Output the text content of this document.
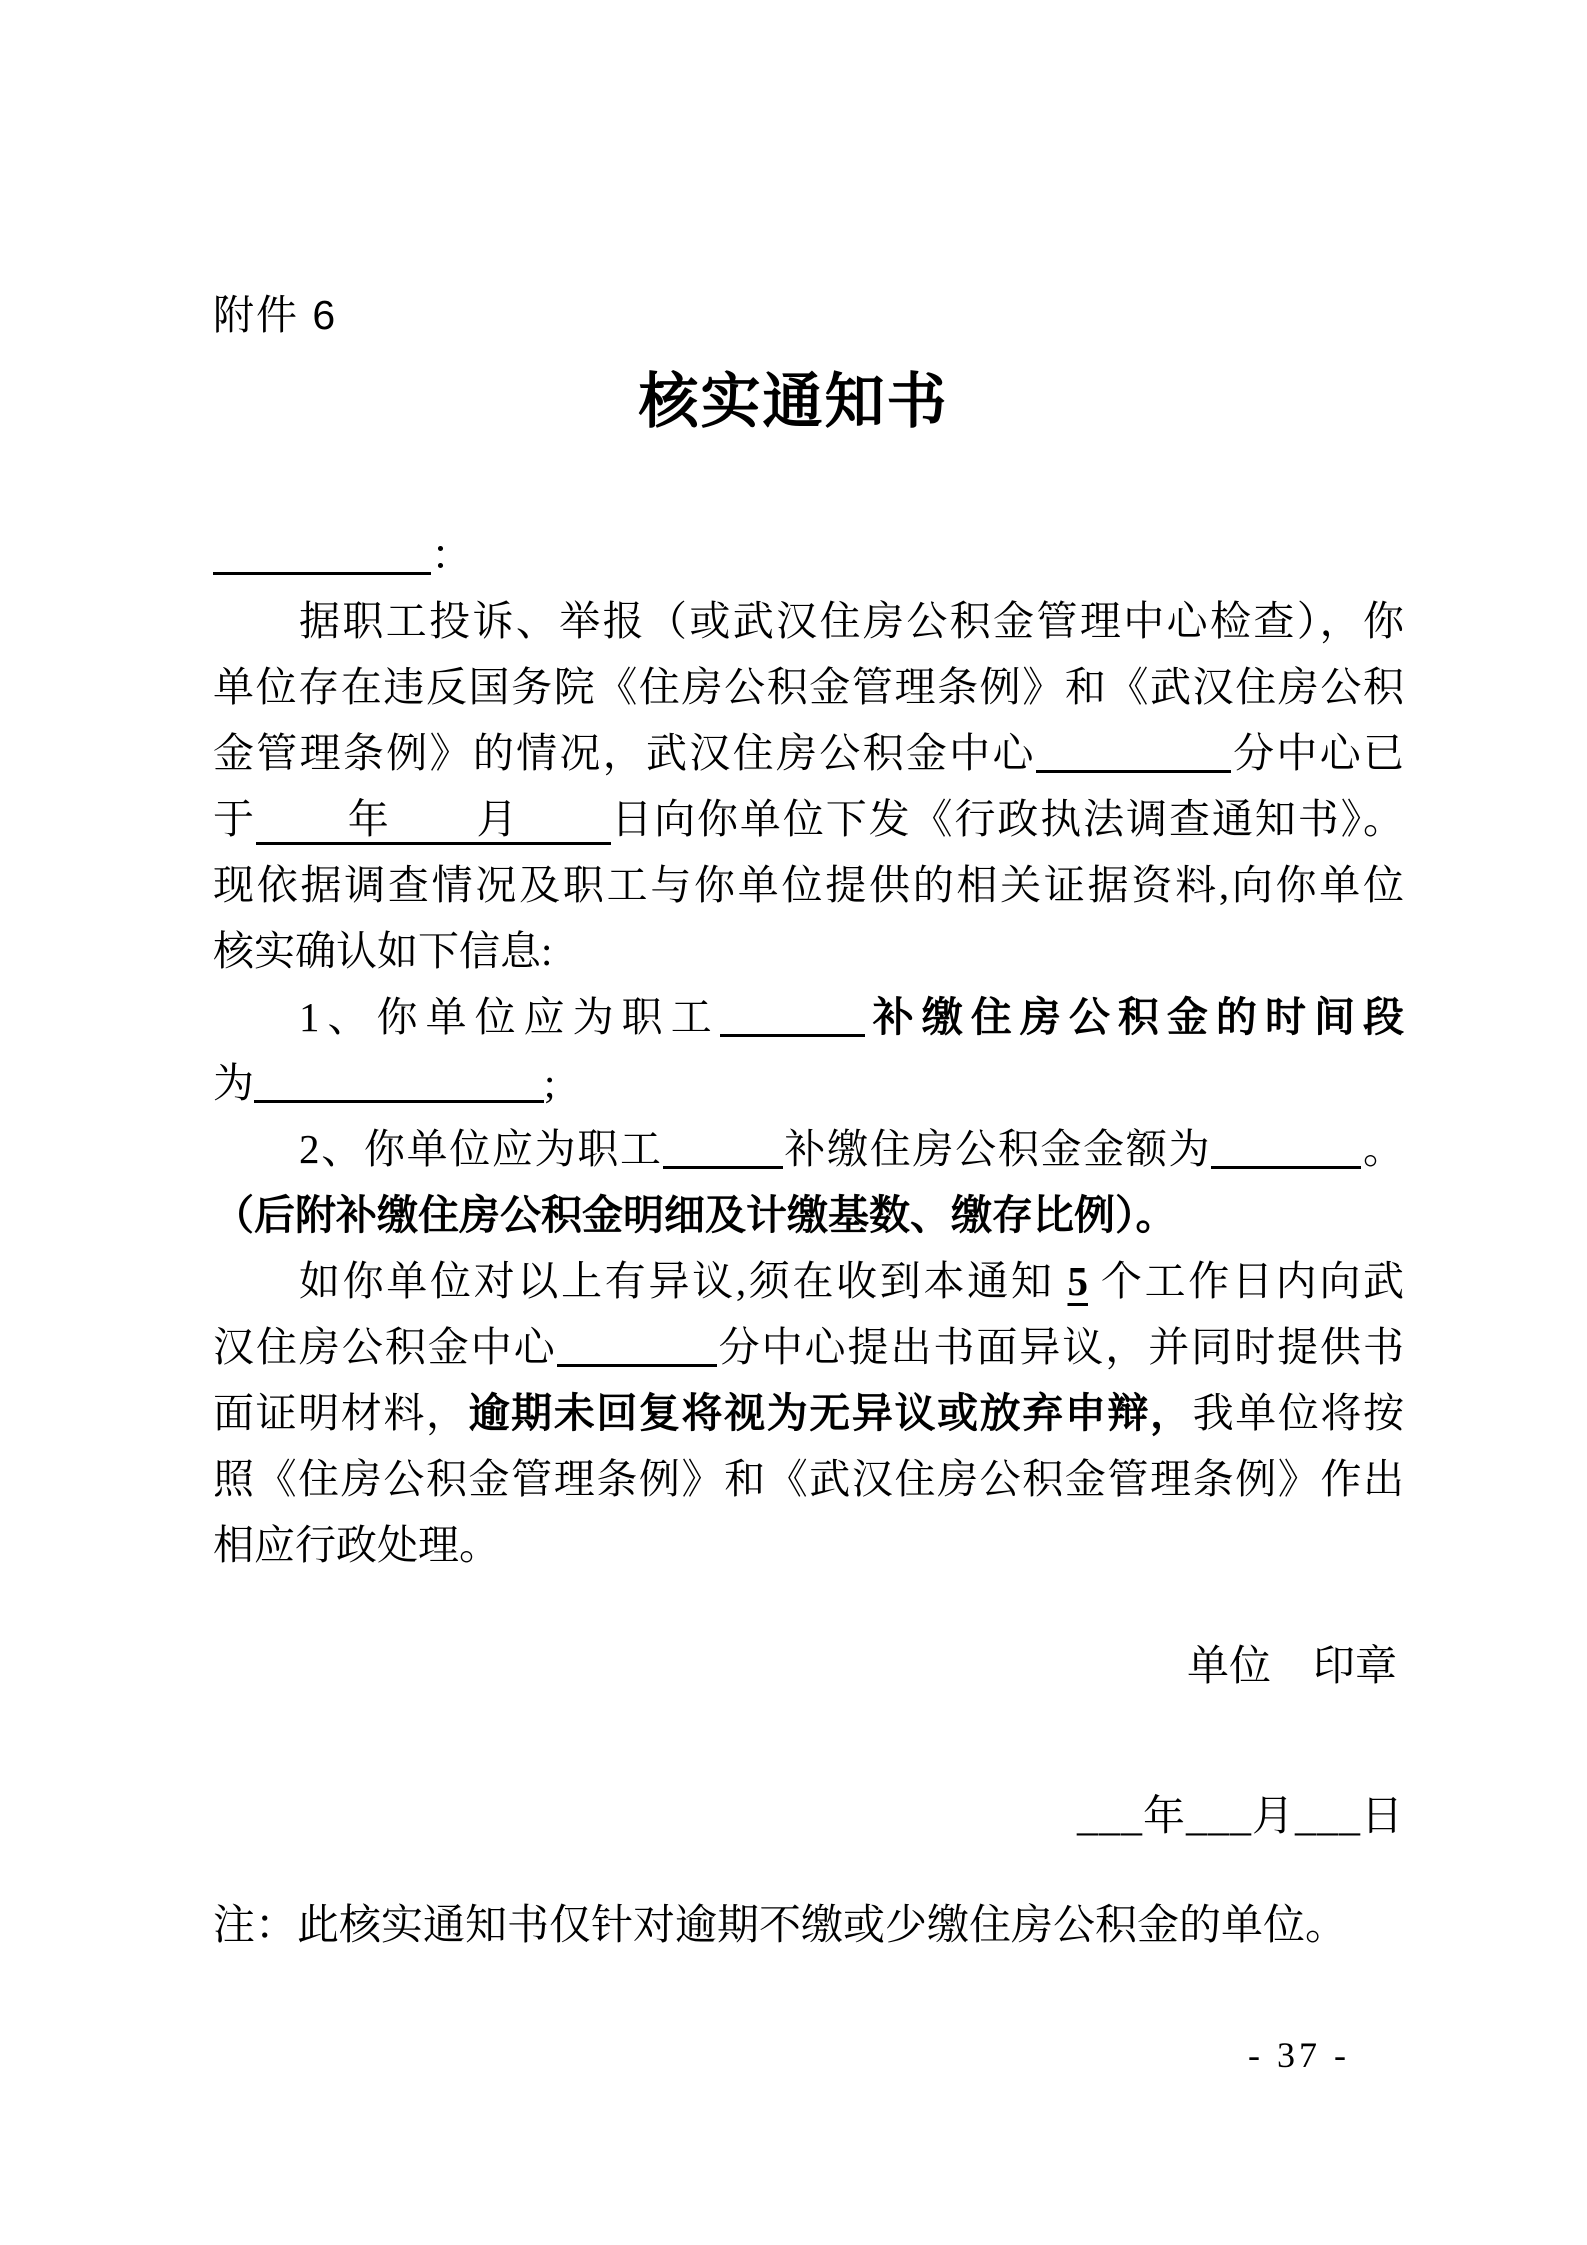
附件 6
核实通知书
：
据职工投诉、举报（或武汉住房公积金管理中心检查），你
单位存在违反国务院《住房公积金管理条例》和《武汉住房公积
金管理条例》的情况，武汉住房公积金中心	分中心已
于　　年　　月　　日向你单位下发《行政执法调查通知书》。
现依据调查情况及职工与你单位提供的相关证据资料,向你单位
核实确认如下信息:
1、你单位应为职工	补缴住房公积金的时间段
为	;
2、你单位应为职工	补缴住房公积金金额为	。
（后附补缴住房公积金明细及计缴基数、缴存比例）。
如你单位对以上有异议,须在收到本通知 5 个工作日内向武
汉住房公积金中心	分中心提出书面异议，并同时提供书
面证明材料，逾期未回复将视为无异议或放弃申辩，我单位将按
照《住房公积金管理条例》和《武汉住房公积金管理条例》作出
相应行政处理。
单位　印章
___年___月___日
注：此核实通知书仅针对逾期不缴或少缴住房公积金的单位。
- 37 -
